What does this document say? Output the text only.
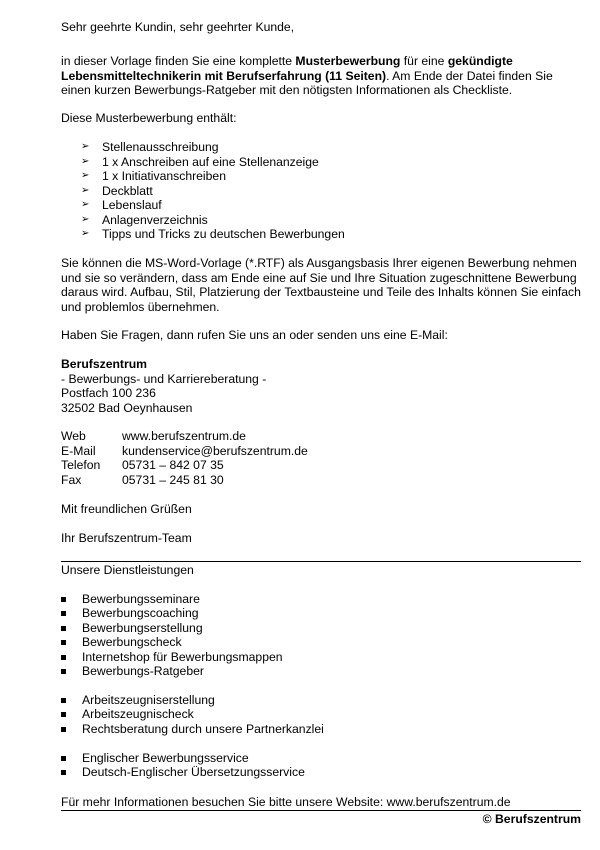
Sehr geehrte Kundin, sehr geehrter Kunde,

in dieser Vorlage finden Sie eine komplette Musterbewerbung für eine gekündigte Lebensmitteltechnikerin mit Berufserfahrung (11 Seiten). Am Ende der Datei finden Sie einen kurzen Bewerbungs-Ratgeber mit den nötigsten Informationen als Checkliste.

Diese Musterbewerbung enthält:

➢ Stellenausschreibung
➢ 1 x Anschreiben auf eine Stellenanzeige
➢ 1 x Initiativanschreiben
➢ Deckblatt
➢ Lebenslauf
➢ Anlagenverzeichnis
➢ Tipps und Tricks zu deutschen Bewerbungen

Sie können die MS-Word-Vorlage (*.RTF) als Ausgangsbasis Ihrer eigenen Bewerbung nehmen und sie so verändern, dass am Ende eine auf Sie und Ihre Situation zugeschnittene Bewerbung daraus wird. Aufbau, Stil, Platzierung der Textbausteine und Teile des Inhalts können Sie einfach und problemlos übernehmen.

Haben Sie Fragen, dann rufen Sie uns an oder senden uns eine E-Mail:

Berufszentrum

- Bewerbungs- und Karriereberatung -

Postfach 100 236

32502 Bad Oeynhausen

Web	www.berufszentrum.de
E-Mail kundenservice@berufszentrum.de
Telefon 05731 – 842 07 35
Fax	05731 – 245 81 30

Mit freundlichen Grüßen

Ihr Berufszentrum-Team

Unsere Dienstleistungen

Bewerbungsseminare
Bewerbungscoaching
Bewerbungserstellung
Bewerbungscheck
Internetshop für Bewerbungsmappen
Bewerbungs-Ratgeber
Arbeitszeugniserstellung
Arbeitszeugnischeck
Rechtsberatung durch unsere Partnerkanzlei
Englischer Bewerbungsservice
Deutsch-Englischer Übersetzungsservice

Für mehr Informationen besuchen Sie bitte unsere Website: www.berufszentrum.de

© Berufszentrum
